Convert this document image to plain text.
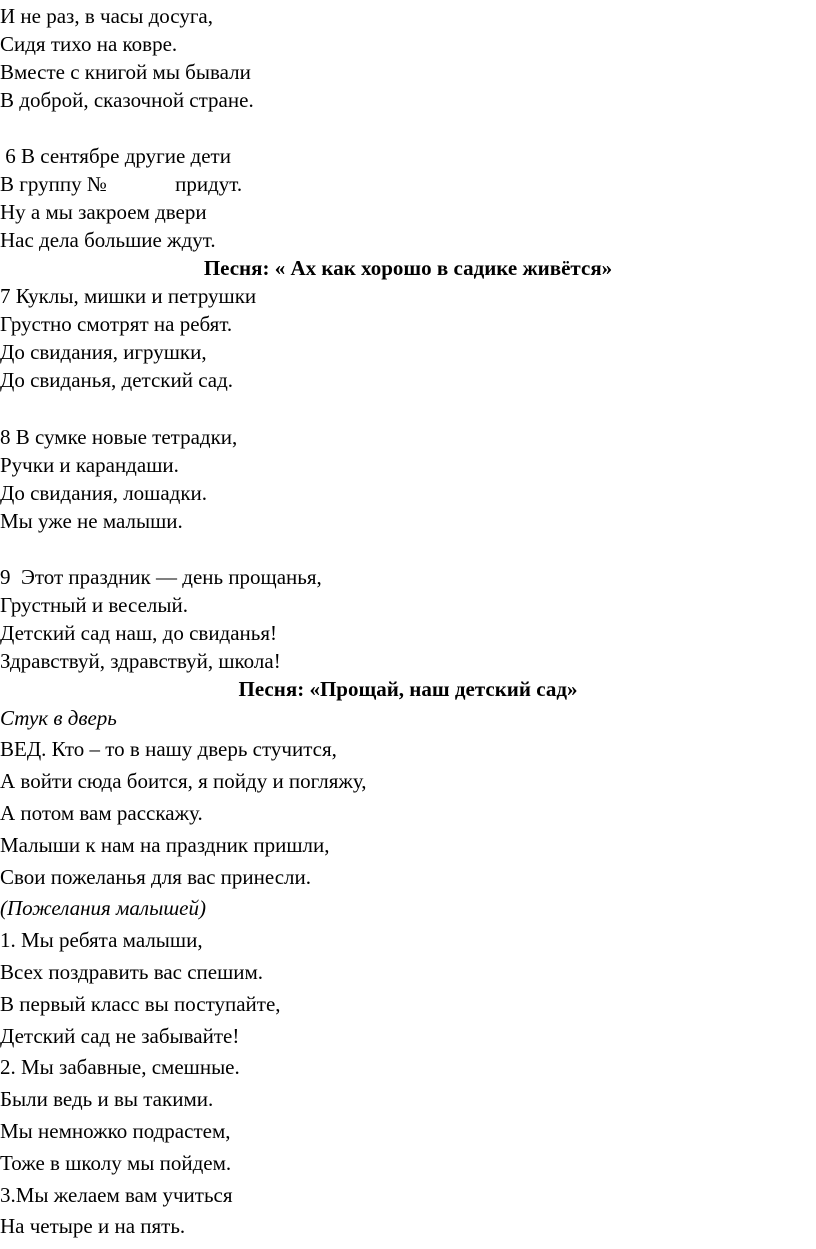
И не раз, в часы досуга,
Сидя тихо на ковре.
Вместе с книгой мы бывали
В доброй, сказочной стране.
6 В сентябре другие дети
В группу №             придут.
Ну а мы закроем двери
Нас дела большие ждут.
Песня: « Ах как хорошо в садике живётся»
7 Куклы, мишки и петрушки
Грустно смотрят на ребят.
До свидания, игрушки,
До свиданья, детский сад.
8 В сумке новые тетрадки,
Ручки и карандаши.
До свидания, лошадки.
Мы уже не малыши.
9  Этот праздник — день прощанья,
Грустный и веселый.
Детский сад наш, до свиданья!
Здравствуй, здравствуй, школа!
Песня: «Прощай, наш детский сад»
Стук в дверь
ВЕД. Кто – то в нашу дверь стучится,
А войти сюда боится, я пойду и погляжу,
А потом вам расскажу.
Малыши к нам на праздник пришли,
Свои пожеланья для вас принесли.
(Пожелания малышей)
1. Мы ребята малыши,
Всех поздравить вас спешим.
В первый класс вы поступайте,
Детский сад не забывайте!
2. Мы забавные, смешные.
Были ведь и вы такими.
Мы немножко подрастем,
Тоже в школу мы пойдем.
3.Мы желаем вам учиться
На четыре и на пять.
